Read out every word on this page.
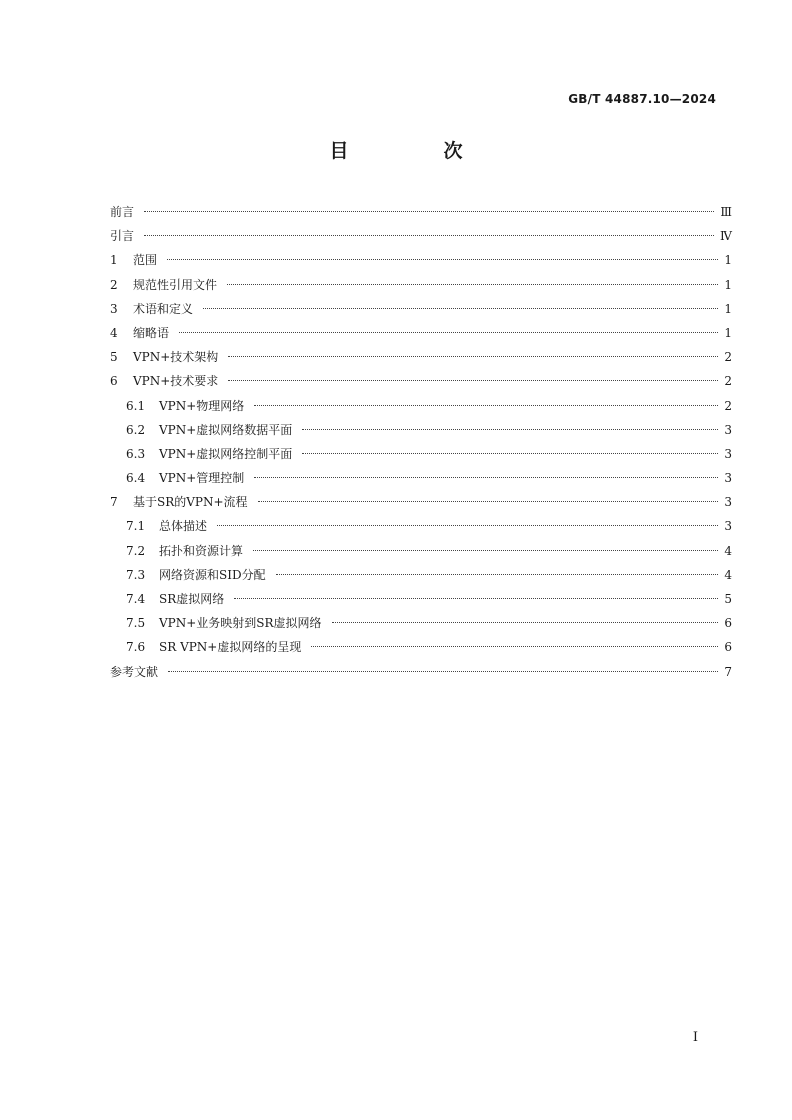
GB/T 44887.10—2024
目　次
前言	Ⅲ
引言	Ⅳ
1	范围	1
2	规范性引用文件	1
3	术语和定义	1
4	缩略语	1
5	VPN+技术架构	2
6	VPN+技术要求	2
6.1	VPN+物理网络	2
6.2	VPN+虚拟网络数据平面	3
6.3	VPN+虚拟网络控制平面	3
6.4	VPN+管理控制	3
7	基于SR的VPN+流程	3
7.1	总体描述	3
7.2	拓扑和资源计算	4
7.3	网络资源和SID分配	4
7.4	SR虚拟网络	5
7.5	VPN+业务映射到SR虚拟网络	6
7.6	SR VPN+虚拟网络的呈现	6
参考文献	7
Ⅰ
